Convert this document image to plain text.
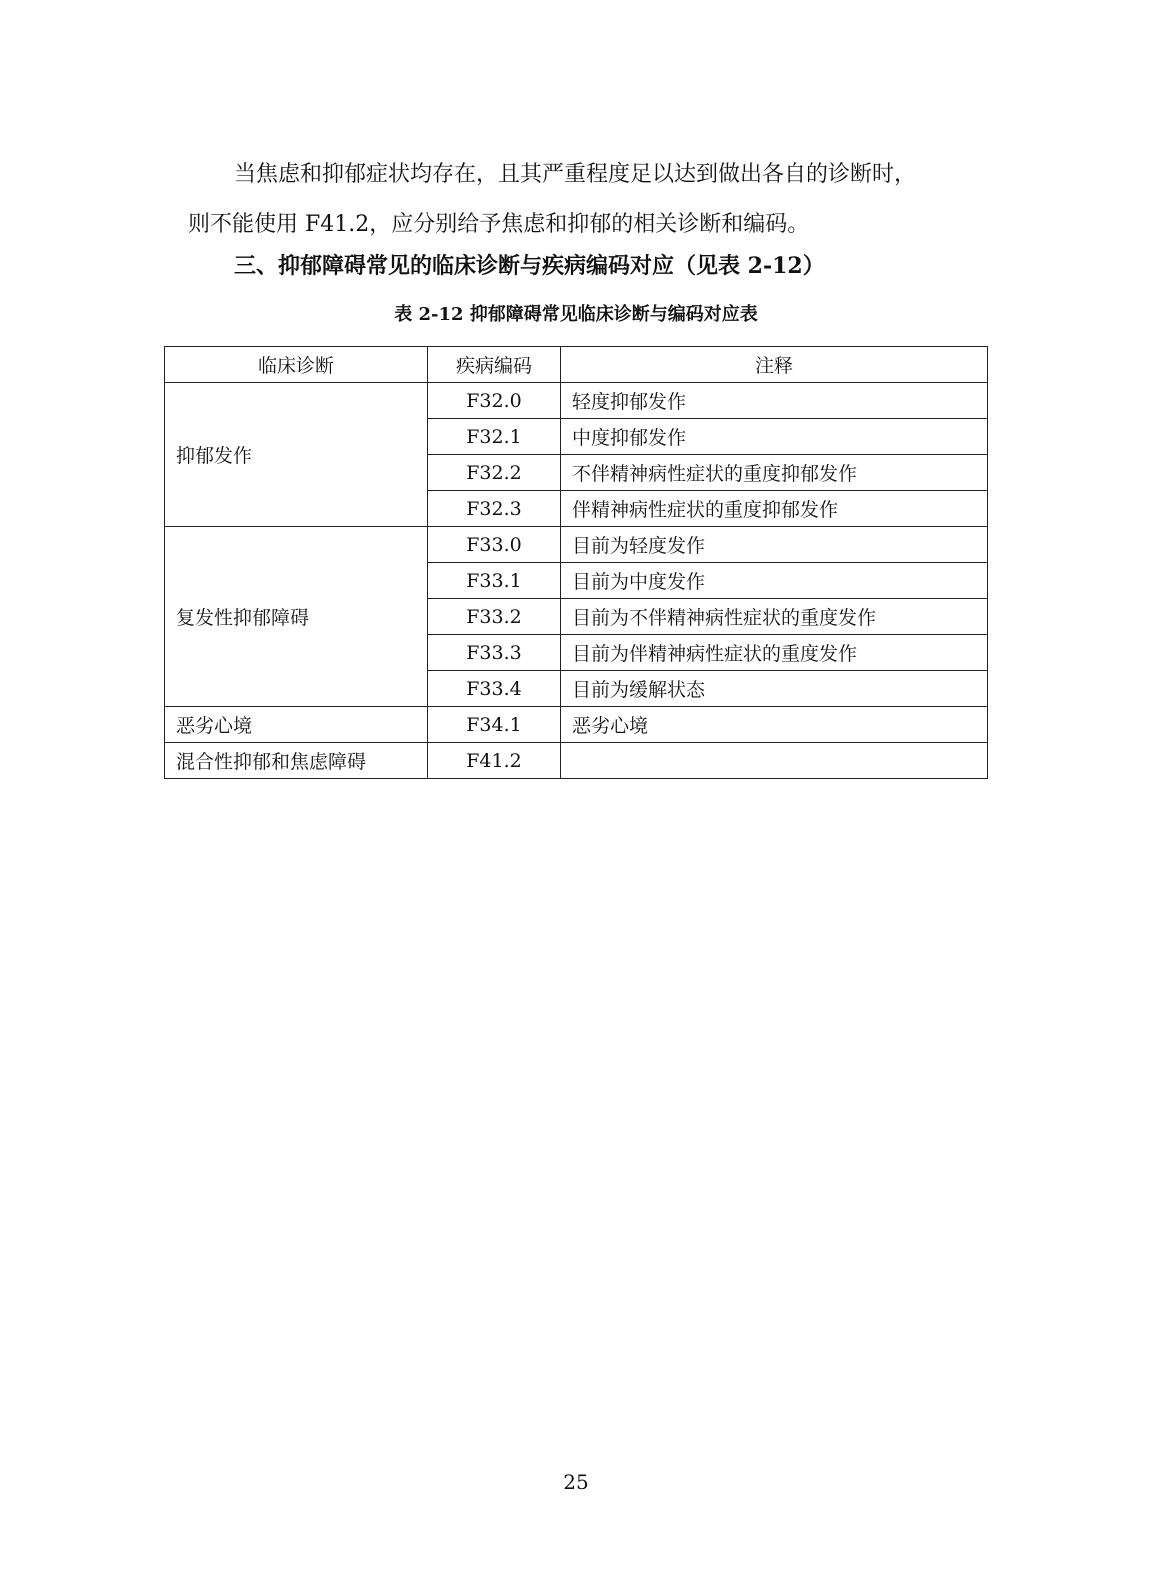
当焦虑和抑郁症状均存在，且其严重程度足以达到做出各自的诊断时，
则不能使用 F41.2，应分别给予焦虑和抑郁的相关诊断和编码。

三、抑郁障碍常见的临床诊断与疾病编码对应（见表 2-12）

表 2-12 抑郁障碍常见临床诊断与编码对应表

临床诊断	疾病编码	注释
抑郁发作	F32.0	轻度抑郁发作
	F32.1	中度抑郁发作
	F32.2	不伴精神病性症状的重度抑郁发作
	F32.3	伴精神病性症状的重度抑郁发作
复发性抑郁障碍	F33.0	目前为轻度发作
	F33.1	目前为中度发作
	F33.2	目前为不伴精神病性症状的重度发作
	F33.3	目前为伴精神病性症状的重度发作
	F33.4	目前为缓解状态
恶劣心境	F34.1	恶劣心境
混合性抑郁和焦虑障碍	F41.2	
25
